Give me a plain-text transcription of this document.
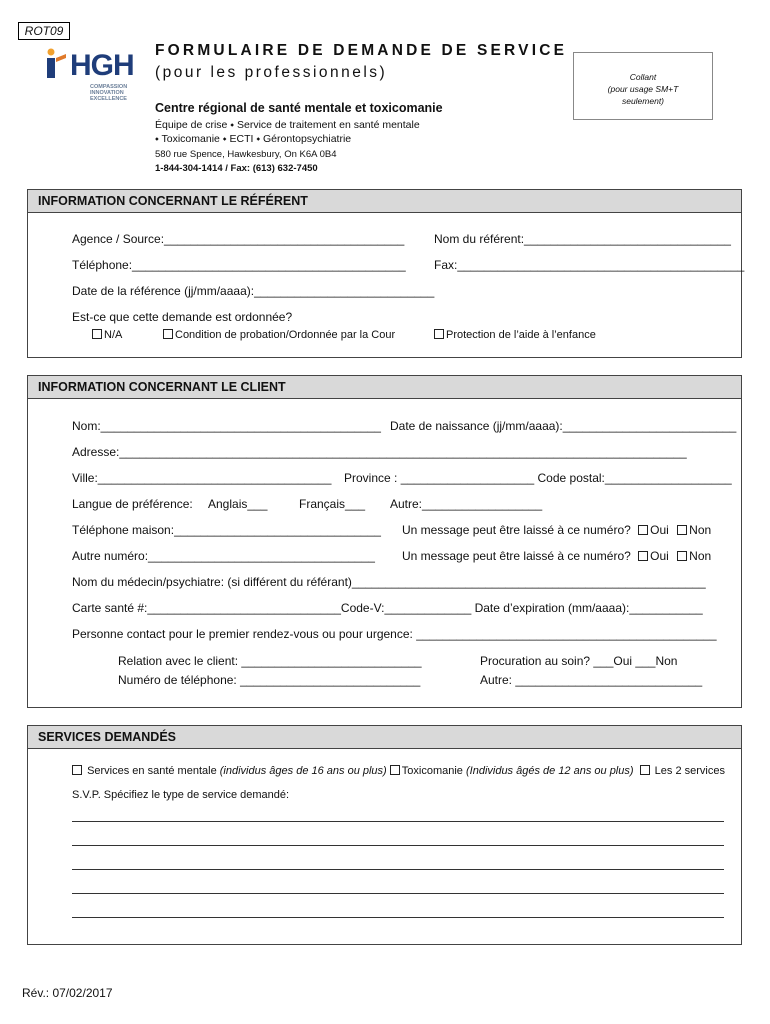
ROT09
HGH
COMPASSION
INNOVATION
EXCELLENCE
FORMULAIRE DE DEMANDE DE SERVICE
(pour les professionnels)
Centre régional de santé mentale et toxicomanie
Équipe de crise ⬩ Service de traitement en santé mentale
⬩ Toxicomanie ⬩ ECTI ⬩ Gérontopsychiatrie
580 rue Spence, Hawkesbury, On K6A 0B4
1-844-304-1414 / Fax: (613) 632-7450
Collant
(pour usage SM+T
seulement)
INFORMATION CONCERNANT LE RÉFÉRENT
Agence / Source:____________________________________ Nom du référent:_______________________________
Téléphone:_________________________________________ Fax:___________________________________________
Date de la référence (jj/mm/aaaa):___________________________
Est-ce que cette demande est ordonnée?
N/A	Condition de probation/Ordonnée par la Cour	Protection de l’aide à l’enfance
INFORMATION CONCERNANT LE CLIENT
Nom:__________________________________________ Date de naissance (jj/mm/aaaa):__________________________
Adresse:_____________________________________________________________________________________
Ville:___________________________________ Province : ____________________ Code postal:___________________
Langue de préférence: Anglais___	Français___ Autre:__________________
Téléphone maison:_______________________________ Un message peut être laissé à ce numéro? Oui Non
Autre numéro:__________________________________ Un message peut être laissé à ce numéro? Oui Non
Nom du médecin/psychiatre: (si différent du référant)_____________________________________________________
Carte santé #:_____________________________Code-V:_____________ Date d’expiration (mm/aaaa):___________
Personne contact pour le premier rendez-vous ou pour urgence: _____________________________________________
Relation avec le client: ___________________________
Numéro de téléphone: ___________________________
Procuration au soin? ___Oui ___Non
Autre: ____________________________
SERVICES DEMANDÉS
Services en santé mentale (individus âges de 16 ans ou plus) Toxicomanie (Individus âgés de 12 ans ou plus) Les 2 services
S.V.P. Spécifiez le type de service demandé:
Rév.: 07/02/2017
